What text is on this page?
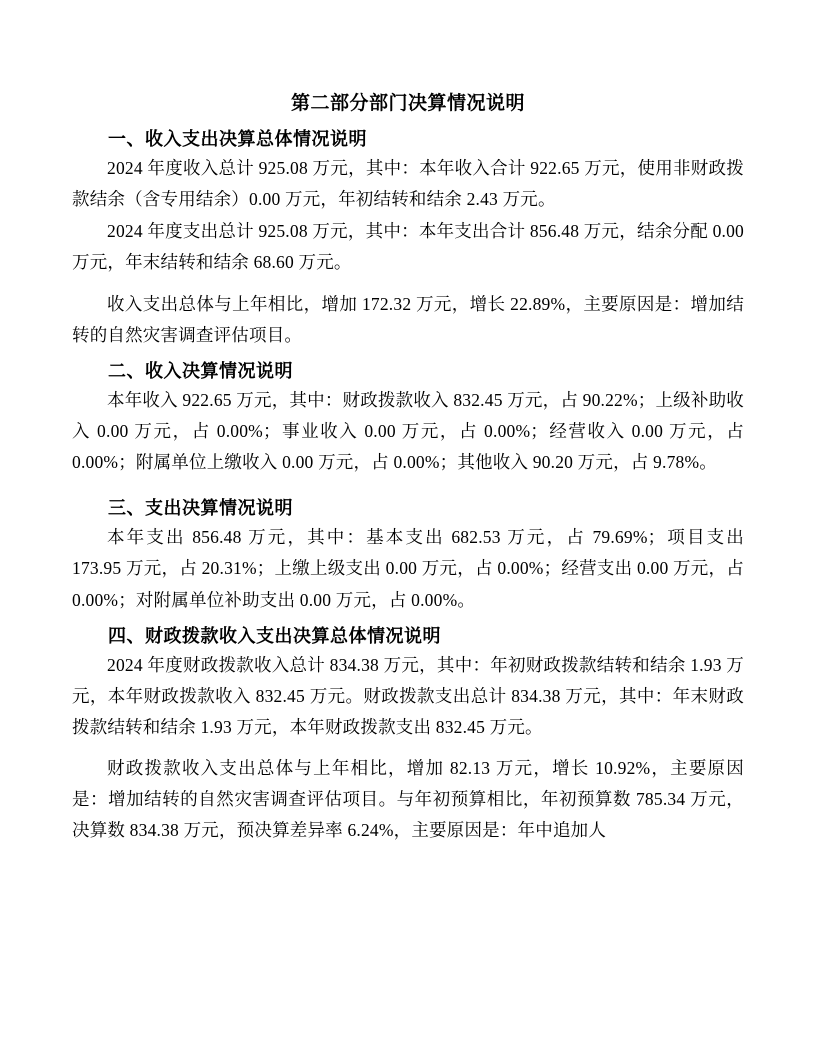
第二部分部门决算情况说明
一、收入支出决算总体情况说明

2024 年度收入总计 925.08 万元，其中：本年收入合计 922.65 万元，使用非财政拨款结余（含专用结余）0.00 万元，年初结转和结余 2.43 万元。

2024 年度支出总计 925.08 万元，其中：本年支出合计 856.48 万元，结余分配 0.00 万元，年末结转和结余 68.60 万元。

收入支出总体与上年相比，增加 172.32 万元，增长 22.89%，主要原因是：增加结转的自然灾害调查评估项目。

二、收入决算情况说明

本年收入 922.65 万元，其中：财政拨款收入 832.45 万元，占 90.22%；上级补助收入 0.00 万元，占 0.00%；事业收入 0.00 万元，占 0.00%；经营收入 0.00 万元，占 0.00%；附属单位上缴收入 0.00 万元，占 0.00%；其他收入 90.20 万元，占 9.78%。

三、支出决算情况说明

本年支出 856.48 万元，其中：基本支出 682.53 万元，占 79.69%；项目支出 173.95 万元，占 20.31%；上缴上级支出 0.00 万元，占 0.00%；经营支出 0.00 万元，占 0.00%；对附属单位补助支出 0.00 万元，占 0.00%。

四、财政拨款收入支出决算总体情况说明

2024 年度财政拨款收入总计 834.38 万元，其中：年初财政拨款结转和结余 1.93 万元，本年财政拨款收入 832.45 万元。财政拨款支出总计 834.38 万元，其中：年末财政拨款结转和结余 1.93 万元，本年财政拨款支出 832.45 万元。

财政拨款收入支出总体与上年相比，增加 82.13 万元，增长 10.92%，主要原因是：增加结转的自然灾害调查评估项目。与年初预算相比，年初预算数 785.34 万元，决算数 834.38 万元，预决算差异率 6.24%，主要原因是：年中追加人
